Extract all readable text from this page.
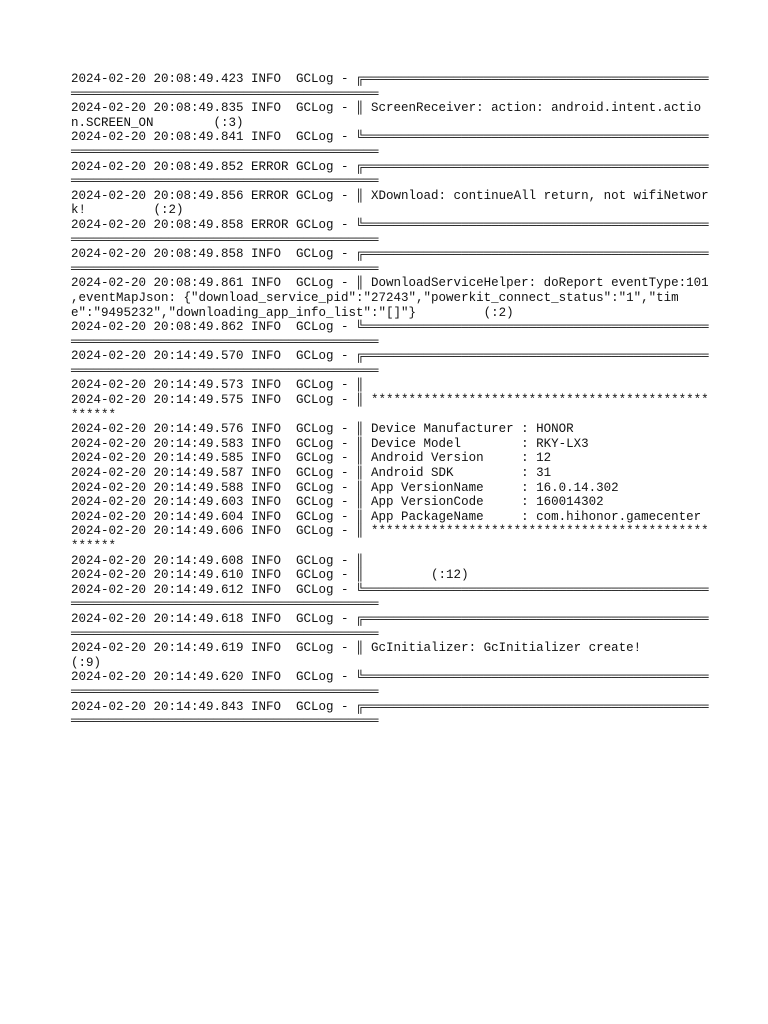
2024-02-20 20:08:49.423 INFO  GCLog - ╔═══════════════════════════════════════════════════════════════════════════════════════
2024-02-20 20:08:49.835 INFO  GCLog - ║ ScreenReceiver: action: android.intent.action.SCREEN_ON        (:3)
2024-02-20 20:08:49.841 INFO  GCLog - ╚═══════════════════════════════════════════════════════════════════════════════════════
2024-02-20 20:08:49.852 ERROR GCLog - ╔═══════════════════════════════════════════════════════════════════════════════════════
2024-02-20 20:08:49.856 ERROR GCLog - ║ XDownload: continueAll return, not wifiNetwork!         (:2)
2024-02-20 20:08:49.858 ERROR GCLog - ╚═══════════════════════════════════════════════════════════════════════════════════════
2024-02-20 20:08:49.858 INFO  GCLog - ╔═══════════════════════════════════════════════════════════════════════════════════════
2024-02-20 20:08:49.861 INFO  GCLog - ║ DownloadServiceHelper: doReport eventType:101 ,eventMapJson: {"download_service_pid":"27243","powerkit_connect_status":"1","time":"9495232","downloading_app_info_list":"[]"}         (:2)
2024-02-20 20:08:49.862 INFO  GCLog - ╚═══════════════════════════════════════════════════════════════════════════════════════
2024-02-20 20:14:49.570 INFO  GCLog - ╔═══════════════════════════════════════════════════════════════════════════════════════
2024-02-20 20:14:49.573 INFO  GCLog - ║
2024-02-20 20:14:49.575 INFO  GCLog - ║ ***************************************************
2024-02-20 20:14:49.576 INFO  GCLog - ║ Device Manufacturer : HONOR
2024-02-20 20:14:49.583 INFO  GCLog - ║ Device Model        : RKY-LX3
2024-02-20 20:14:49.585 INFO  GCLog - ║ Android Version     : 12
2024-02-20 20:14:49.587 INFO  GCLog - ║ Android SDK         : 31
2024-02-20 20:14:49.588 INFO  GCLog - ║ App VersionName     : 16.0.14.302
2024-02-20 20:14:49.603 INFO  GCLog - ║ App VersionCode     : 160014302
2024-02-20 20:14:49.604 INFO  GCLog - ║ App PackageName     : com.hihonor.gamecenter
2024-02-20 20:14:49.606 INFO  GCLog - ║ ***************************************************
2024-02-20 20:14:49.608 INFO  GCLog - ║
2024-02-20 20:14:49.610 INFO  GCLog - ║         (:12)
2024-02-20 20:14:49.612 INFO  GCLog - ╚═══════════════════════════════════════════════════════════════════════════════════════
2024-02-20 20:14:49.618 INFO  GCLog - ╔═══════════════════════════════════════════════════════════════════════════════════════
2024-02-20 20:14:49.619 INFO  GCLog - ║ GcInitializer: GcInitializer create!         (:9)
2024-02-20 20:14:49.620 INFO  GCLog - ╚═══════════════════════════════════════════════════════════════════════════════════════
2024-02-20 20:14:49.843 INFO  GCLog - ╔═══════════════════════════════════════════════════════════════════════════════════════
